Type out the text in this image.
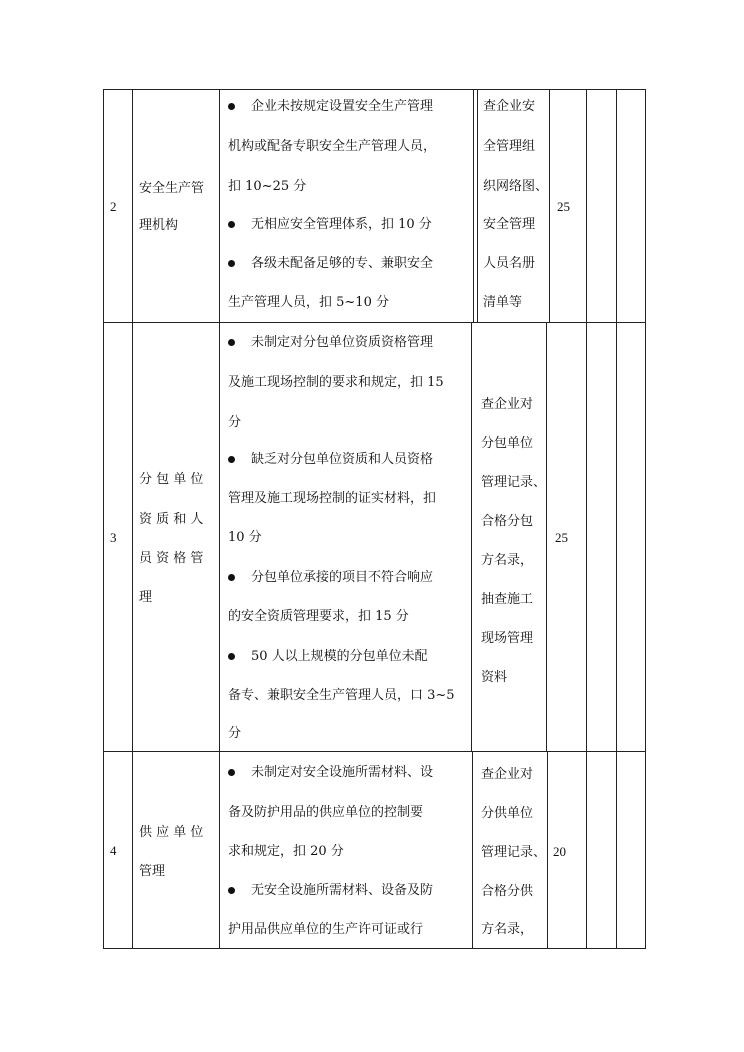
2
安全生产管
理机构
企业未按规定设置安全生产管理
机构或配备专职安全生产管理人员，
扣 10~25 分
无相应安全管理体系，扣 10 分
各级未配备足够的专、兼职安全
生产管理人员，扣 5~10 分
查企业安
全管理组
织网络图、
安全管理
人员名册
清单等
25
3
分 包 单 位
资 质 和 人
员 资 格 管
理
未制定对分包单位资质资格管理
及施工现场控制的要求和规定，扣 15
分
缺乏对分包单位资质和人员资格
管理及施工现场控制的证实材料，扣
10 分
分包单位承接的项目不符合响应
的安全资质管理要求，扣 15 分
50 人以上规模的分包单位未配
备专、兼职安全生产管理人员，口 3~5
分
查企业对
分包单位
管理记录、
合格分包
方名录，
抽查施工
现场管理
资料
25
4
供 应 单 位
管理
未制定对安全设施所需材料、设
备及防护用品的供应单位的控制要
求和规定，扣 20 分
无安全设施所需材料、设备及防
护用品供应单位的生产许可证或行
查企业对
分供单位
管理记录、
合格分供
方名录，
20
